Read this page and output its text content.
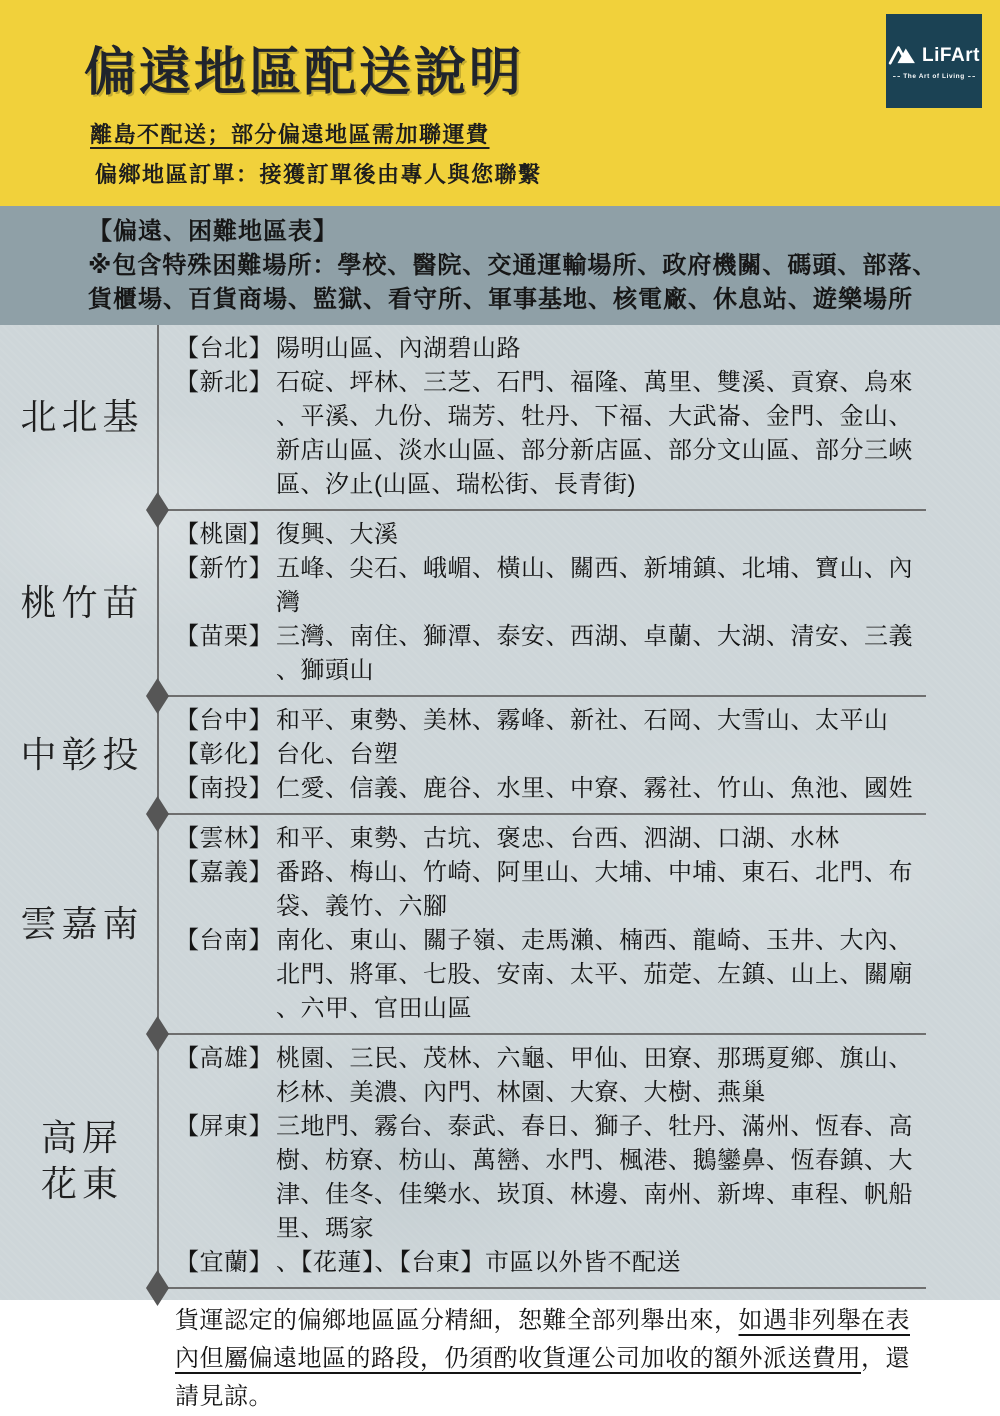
偏遠地區配送說明
離島不配送；部分偏遠地區需加聯運費
偏鄉地區訂單：接獲訂單後由專人與您聯繫
LiFArt
The Art of Living
【偏遠、困難地區表】
※包含特殊困難場所：學校、醫院、交通運輸場所、政府機關、碼頭、部落、
貨櫃場、百貨商場、監獄、看守所、軍事基地、核電廠、休息站、遊樂場所
北北基
【台北】 陽明山區、內湖碧山路
【新北】 石碇、坪林、三芝、石門、福隆、萬里、雙溪、貢寮、烏來、平溪、九份、瑞芳、牡丹、下福、大武崙、金門、金山、新店山區、淡水山區、部分新店區、部分文山區、部分三峽區、汐止(山區、瑞松街、長青街)
桃竹苗
【桃園】 復興、大溪
【新竹】 五峰、尖石、峨嵋、橫山、關西、新埔鎮、北埔、寶山、內灣
【苗栗】 三灣、南住、獅潭、泰安、西湖、卓蘭、大湖、清安、三義、獅頭山
中彰投
【台中】 和平、東勢、美林、霧峰、新社、石岡、大雪山、太平山
【彰化】 台化、台塑
【南投】 仁愛、信義、鹿谷、水里、中寮、霧社、竹山、魚池、國姓
雲嘉南
【雲林】 和平、東勢、古坑、褒忠、台西、泗湖、口湖、水林
【嘉義】 番路、梅山、竹崎、阿里山、大埔、中埔、東石、北門、布袋、義竹、六腳
【台南】 南化、東山、關子嶺、走馬瀨、楠西、龍崎、玉井、大內、北門、將軍、七股、安南、太平、茄萣、左鎮、山上、關廟、六甲、官田山區
高屏
花東
【高雄】 桃園、三民、茂林、六龜、甲仙、田寮、那瑪夏鄉、旗山、杉林、美濃、內門、林園、大寮、大樹、燕巢
【屏東】 三地門、霧台、泰武、春日、獅子、牡丹、滿州、恆春、高樹、枋寮、枋山、萬巒、水門、楓港、鵝鑾鼻、恆春鎮、大津、佳冬、佳樂水、崁頂、林邊、南州、新埤、車程、帆船里、瑪家
【宜蘭】 、【花蓮】、【台東】市區以外皆不配送
貨運認定的偏鄉地區區分精細，恕難全部列舉出來，如遇非列舉在表內但屬偏遠地區的路段，仍須酌收貨運公司加收的額外派送費用，還請見諒。
